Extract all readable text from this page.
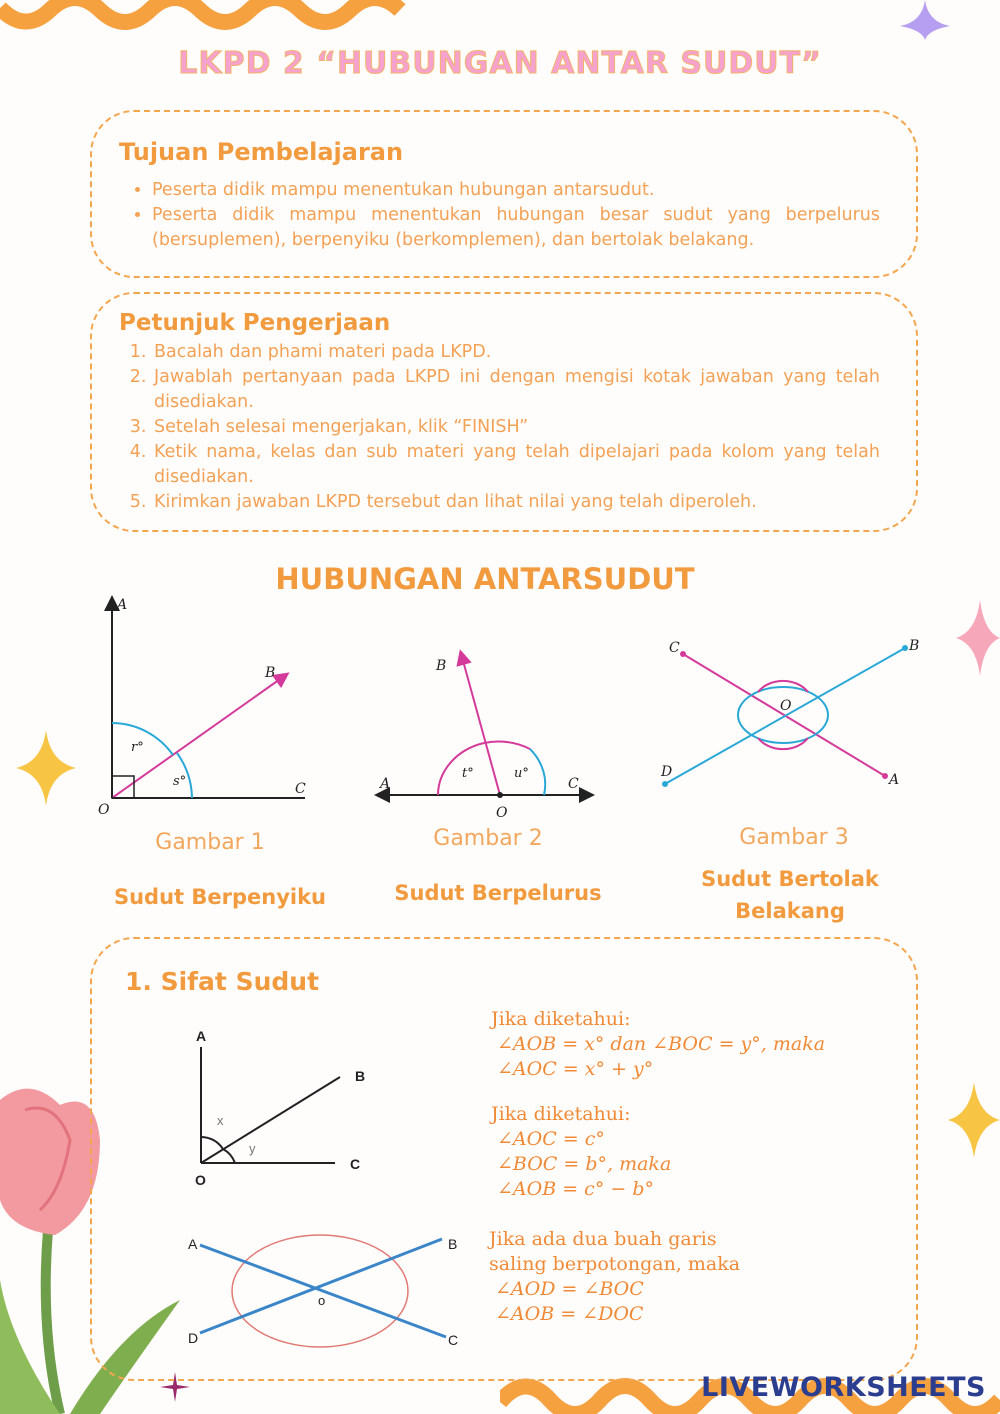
LKPD 2 “HUBUNGAN ANTAR SUDUT”
Tujuan Pembelajaran
• Peserta didik mampu menentukan hubungan antarsudut.
• Peserta didik mampu menentukan hubungan besar sudut yang berpelurus (bersuplemen), berpenyiku (berkomplemen), dan bertolak belakang.
Petunjuk Pengerjaan
1. Bacalah dan phami materi pada LKPD.
2. Jawablah pertanyaan pada LKPD ini dengan mengisi kotak jawaban yang telah disediakan.
3. Setelah selesai mengerjakan, klik “FINISH”
4. Ketik nama, kelas dan sub materi yang telah dipelajari pada kolom yang telah disediakan.
5. Kirimkan jawaban LKPD tersebut dan lihat nilai yang telah diperoleh.
HUBUNGAN ANTARSUDUT
A
B
C
O
r°
s°
B
A	C
O
t°	u°
C	B
D	A
O
Gambar 1	Gambar 2	Gambar 3
Sudut Berpenyiku	Sudut Berpelurus
Sudut Bertolak
Belakang
1. Sifat Sudut
A
B
C
O
x
y
A	B
C
D
o
Jika diketahui:
∠AOB = x° dan ∠BOC = y°, maka
∠AOC = x° + y°
Jika diketahui:
∠AOC = c°
∠BOC = b°, maka
∠AOB = c° − b°
Jika ada dua buah garis
saling berpotongan, maka
∠AOD = ∠BOC
∠AOB = ∠DOC
LIVEWORKSHEETS
